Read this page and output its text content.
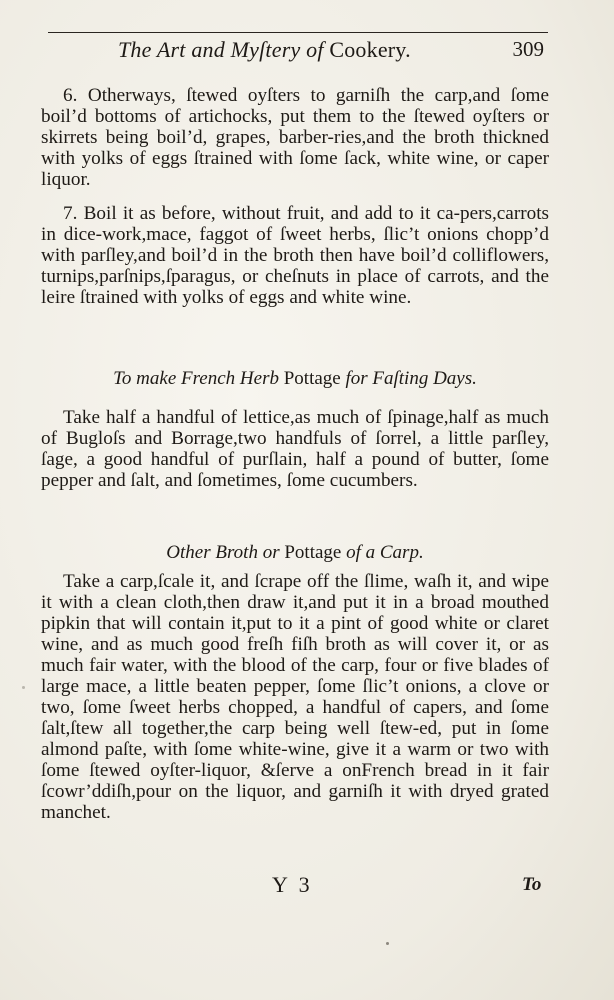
The Art and Myſtery of Cookery.	309

6. Otherways, ſtewed oyſters to garniſh the carp,and ſome boil’d bottoms of artichocks, put them to the ſtewed oyſters or skirrets being boil’d, grapes, barber-ries,and the broth thickned with yolks of eggs ſtrained with ſome ſack, white wine, or caper liquor.

7. Boil it as before, without fruit, and add to it ca-pers,carrots in dice-work,mace, faggot of ſweet herbs, ſlic’t onions chopp’d with parſley,and boil’d in the broth then have boil’d colliflowers, turnips,parſnips,ſparagus, or cheſnuts in place of carrots, and the leire ſtrained with yolks of eggs and white wine.

To make French Herb Pottage for Faſting Days.

Take half a handful of lettice,as much of ſpinage,half as much of Bugloſs and Borrage,two handfuls of ſorrel, a little parſley, ſage, a good handful of purſlain, half a pound of butter, ſome pepper and ſalt, and ſometimes, ſome cucumbers.

Other Broth or Pottage of a Carp.

Take a carp,ſcale it, and ſcrape off the ſlime, waſh it, and wipe it with a clean cloth,then draw it,and put it in a broad mouthed pipkin that will contain it,put to it a pint of good white or claret wine, and as much good freſh fiſh broth as will cover it, or as much fair water, with the blood of the carp, four or five blades of large mace, a little beaten pepper, ſome ſlic’t onions, a clove or two, ſome ſweet herbs chopped, a handful of capers, and ſome ſalt,ſtew all together,the carp being well ſtew-ed, put in ſome almond paſte, with ſome white-wine, give it a warm or two with ſome ſtewed oyſter-liquor, &ſerve a onFrench bread in it fair ſcowr’ddiſh,pour on the liquor, and garniſh it with dryed grated manchet.

Y 3	To
